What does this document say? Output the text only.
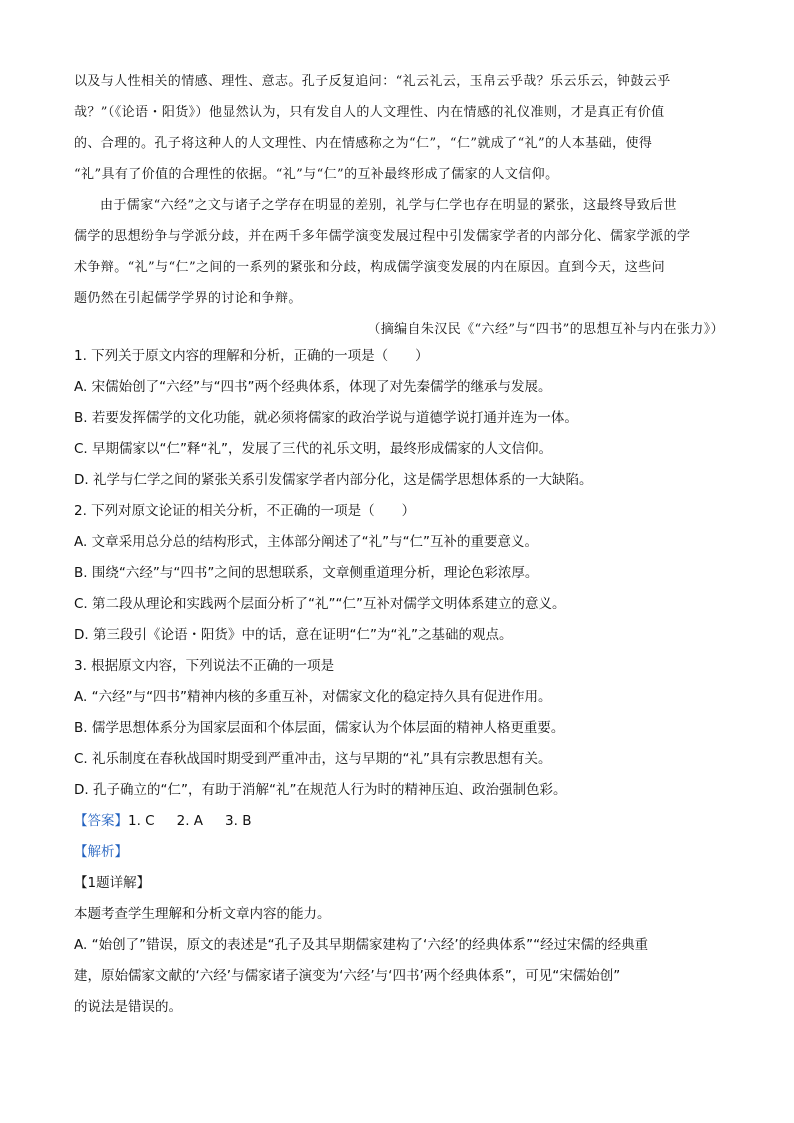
以及与人性相关的情感、理性、意志。孔子反复追问：“礼云礼云，玉帛云乎哉？乐云乐云，钟鼓云乎
哉？”（《论语・阳货》）他显然认为，只有发自人的人文理性、内在情感的礼仪准则，才是真正有价值
的、合理的。孔子将这种人的人文理性、内在情感称之为“仁”，“仁”就成了“礼”的人本基础，使得
“礼”具有了价值的合理性的依据。“礼”与“仁”的互补最终形成了儒家的人文信仰。

由于儒家“六经”之文与诸子之学存在明显的差别，礼学与仁学也存在明显的紧张，这最终导致后世
儒学的思想纷争与学派分歧，并在两千多年儒学演变发展过程中引发儒家学者的内部分化、儒家学派的学
术争辩。“礼”与“仁”之间的一系列的紧张和分歧，构成儒学演变发展的内在原因。直到今天，这些问
题仍然在引起儒学学界的讨论和争辩。

（摘编自朱汉民《“六经”与“四书”的思想互补与内在张力》）

1. 下列关于原文内容的理解和分析，正确的一项是（　　）
A. 宋儒始创了“六经”与“四书”两个经典体系，体现了对先秦儒学的继承与发展。
B. 若要发挥儒学的文化功能，就必须将儒家的政治学说与道德学说打通并连为一体。
C. 早期儒家以“仁”释“礼”，发展了三代的礼乐文明，最终形成儒家的人文信仰。
D. 礼学与仁学之间的紧张关系引发儒家学者内部分化，这是儒学思想体系的一大缺陷。
2. 下列对原文论证的相关分析，不正确的一项是（　　）
A. 文章采用总分总的结构形式，主体部分阐述了“礼”与“仁”互补的重要意义。
B. 围绕“六经”与“四书”之间的思想联系，文章侧重道理分析，理论色彩浓厚。
C. 第二段从理论和实践两个层面分析了“礼”“仁”互补对儒学文明体系建立的意义。
D. 第三段引《论语・阳货》中的话，意在证明“仁”为“礼”之基础的观点。
3. 根据原文内容，下列说法不正确的一项是
A. “六经”与“四书”精神内核的多重互补，对儒家文化的稳定持久具有促进作用。
B. 儒学思想体系分为国家层面和个体层面，儒家认为个体层面的精神人格更重要。
C. 礼乐制度在春秋战国时期受到严重冲击，这与早期的“礼”具有宗教思想有关。
D. 孔子确立的“仁”，有助于消解“礼”在规范人行为时的精神压迫、政治强制色彩。
【答案】1. C 2. A 3. B
【解析】
【1题详解】
本题考查学生理解和分析文章内容的能力。
A. “始创了”错误，原文的表述是“孔子及其早期儒家建构了‘六经’的经典体系”“经过宋儒的经典重
建，原始儒家文献的‘六经’与儒家诸子演变为‘六经’与‘四书’两个经典体系”，可见“宋儒始创”
的说法是错误的。
